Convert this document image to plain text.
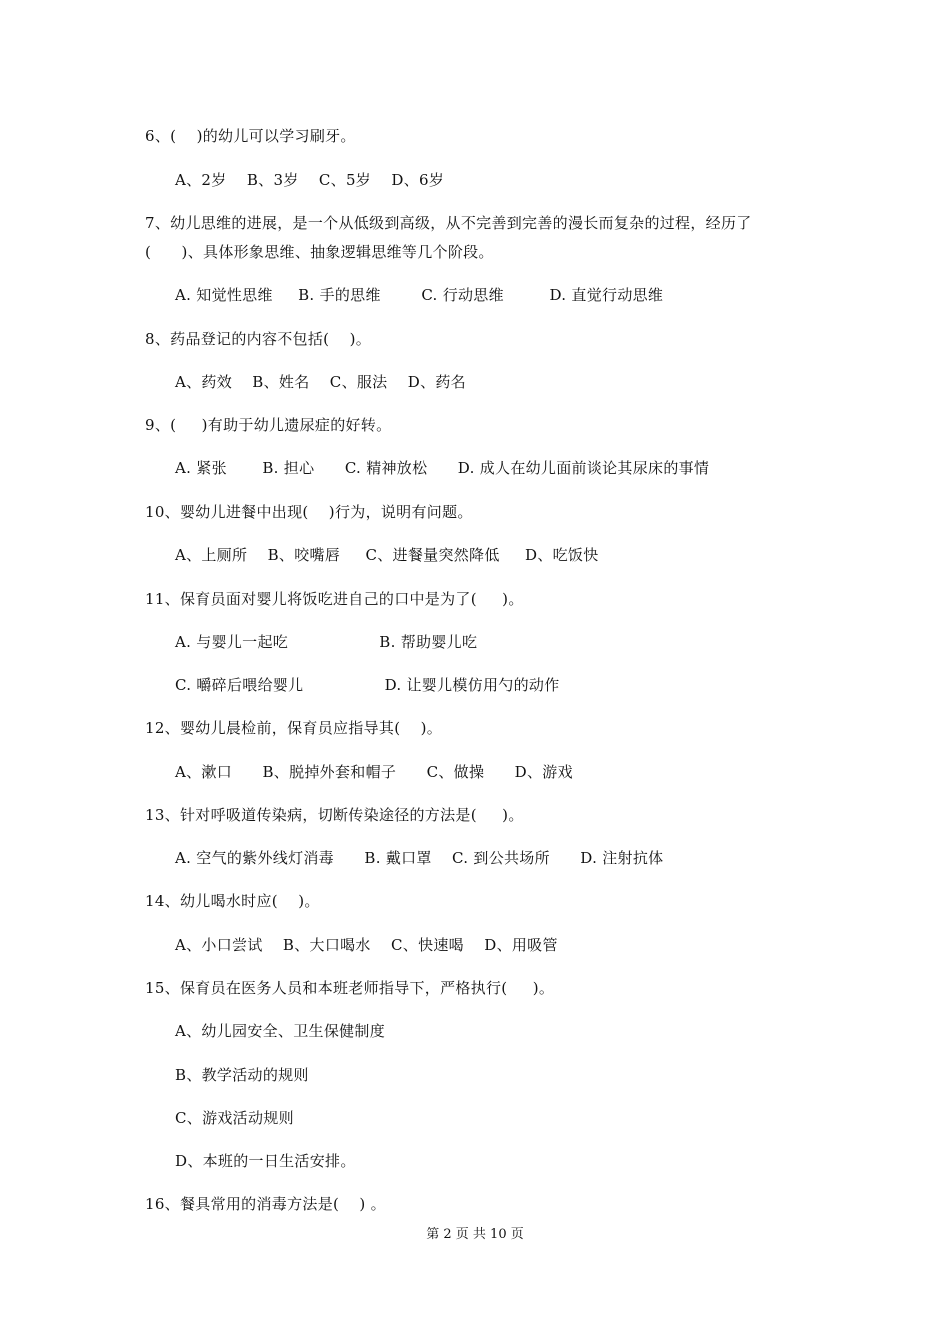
6、(    )的幼儿可以学习刷牙。
A、2岁    B、3岁    C、5岁    D、6岁
7、幼儿思维的进展，是一个从低级到高级，从不完善到完善的漫长而复杂的过程，经历了
(      )、具体形象思维、抽象逻辑思维等几个阶段。
A. 知觉性思维     B. 手的思维        C. 行动思维         D. 直觉行动思维
8、药品登记的内容不包括(    )。
A、药效    B、姓名    C、服法    D、药名
9、(     )有助于幼儿遗尿症的好转。
A. 紧张       B. 担心      C. 精神放松      D. 成人在幼儿面前谈论其尿床的事情
10、婴幼儿进餐中出现(    )行为，说明有问题。
A、上厕所    B、咬嘴唇     C、进餐量突然降低     D、吃饭快
11、保育员面对婴儿将饭吃进自己的口中是为了(     )。
A. 与婴儿一起吃                  B. 帮助婴儿吃
C. 嚼碎后喂给婴儿                D. 让婴儿模仿用勺的动作
12、婴幼儿晨检前，保育员应指导其(    )。
A、漱口      B、脱掉外套和帽子      C、做操      D、游戏
13、针对呼吸道传染病，切断传染途径的方法是(     )。
A. 空气的紫外线灯消毒      B. 戴口罩    C. 到公共场所      D. 注射抗体
14、幼儿喝水时应(    )。
A、小口尝试    B、大口喝水    C、快速喝    D、用吸管
15、保育员在医务人员和本班老师指导下，严格执行(     )。
A、幼儿园安全、卫生保健制度
B、教学活动的规则
C、游戏活动规则
D、本班的一日生活安排。
16、餐具常用的消毒方法是(    ) 。
第 2 页 共 10 页
